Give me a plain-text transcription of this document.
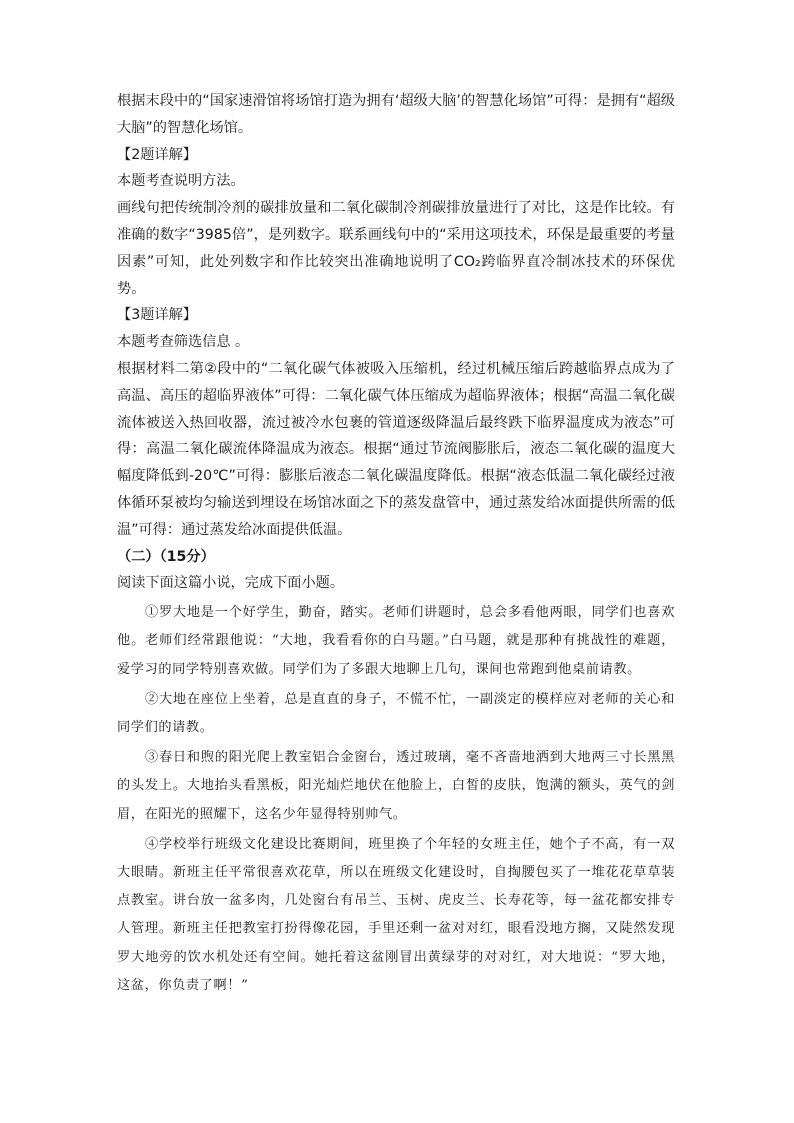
根据末段中的“国家速滑馆将场馆打造为拥有‘超级大脑’的智慧化场馆”可得：是拥有“超级大脑”的智慧化场馆。

【2题详解】

本题考查说明方法。

画线句把传统制冷剂的碳排放量和二氧化碳制冷剂碳排放量进行了对比，这是作比较。有准确的数字“3985倍”，是列数字。联系画线句中的“采用这项技术，环保是最重要的考量因素”可知，此处列数字和作比较突出准确地说明了CO₂跨临界直冷制冰技术的环保优势。

【3题详解】

本题考查筛选信息 。

根据材料二第②段中的“二氧化碳气体被吸入压缩机，经过机械压缩后跨越临界点成为了高温、高压的超临界液体”可得：二氧化碳气体压缩成为超临界液体；根据“高温二氧化碳流体被送入热回收器，流过被冷水包裹的管道逐级降温后最终跌下临界温度成为液态”可得：高温二氧化碳流体降温成为液态。根据“通过节流阀膨胀后，液态二氧化碳的温度大幅度降低到-20℃”可得：膨胀后液态二氧化碳温度降低。根据“液态低温二氧化碳经过液体循环泵被均匀输送到埋设在场馆冰面之下的蒸发盘管中，通过蒸发给冰面提供所需的低温”可得：通过蒸发给冰面提供低温。

（二）（15分）

阅读下面这篇小说，完成下面小题。

①罗大地是一个好学生，勤奋，踏实。老师们讲题时，总会多看他两眼，同学们也喜欢他。老师们经常跟他说：“大地，我看看你的白马题。”白马题，就是那种有挑战性的难题，爱学习的同学特别喜欢做。同学们为了多跟大地聊上几句，课间也常跑到他桌前请教。

②大地在座位上坐着，总是直直的身子，不慌不忙，一副淡定的模样应对老师的关心和同学们的请教。

③春日和煦的阳光爬上教室铝合金窗台，透过玻璃，毫不吝啬地洒到大地两三寸长黑黑的头发上。大地抬头看黑板，阳光灿烂地伏在他脸上，白皙的皮肤，饱满的额头，英气的剑眉，在阳光的照耀下，这名少年显得特别帅气。

④学校举行班级文化建设比赛期间，班里换了个年轻的女班主任，她个子不高，有一双大眼睛。新班主任平常很喜欢花草，所以在班级文化建设时，自掏腰包买了一堆花花草草装点教室。讲台放一盆多肉，几处窗台有吊兰、玉树、虎皮兰、长寿花等，每一盆花都安排专人管理。新班主任把教室打扮得像花园，手里还剩一盆对对红，眼看没地方搁，又陡然发现罗大地旁的饮水机处还有空间。她托着这盆刚冒出黄绿芽的对对红，对大地说：“罗大地，这盆，你负责了啊！”
